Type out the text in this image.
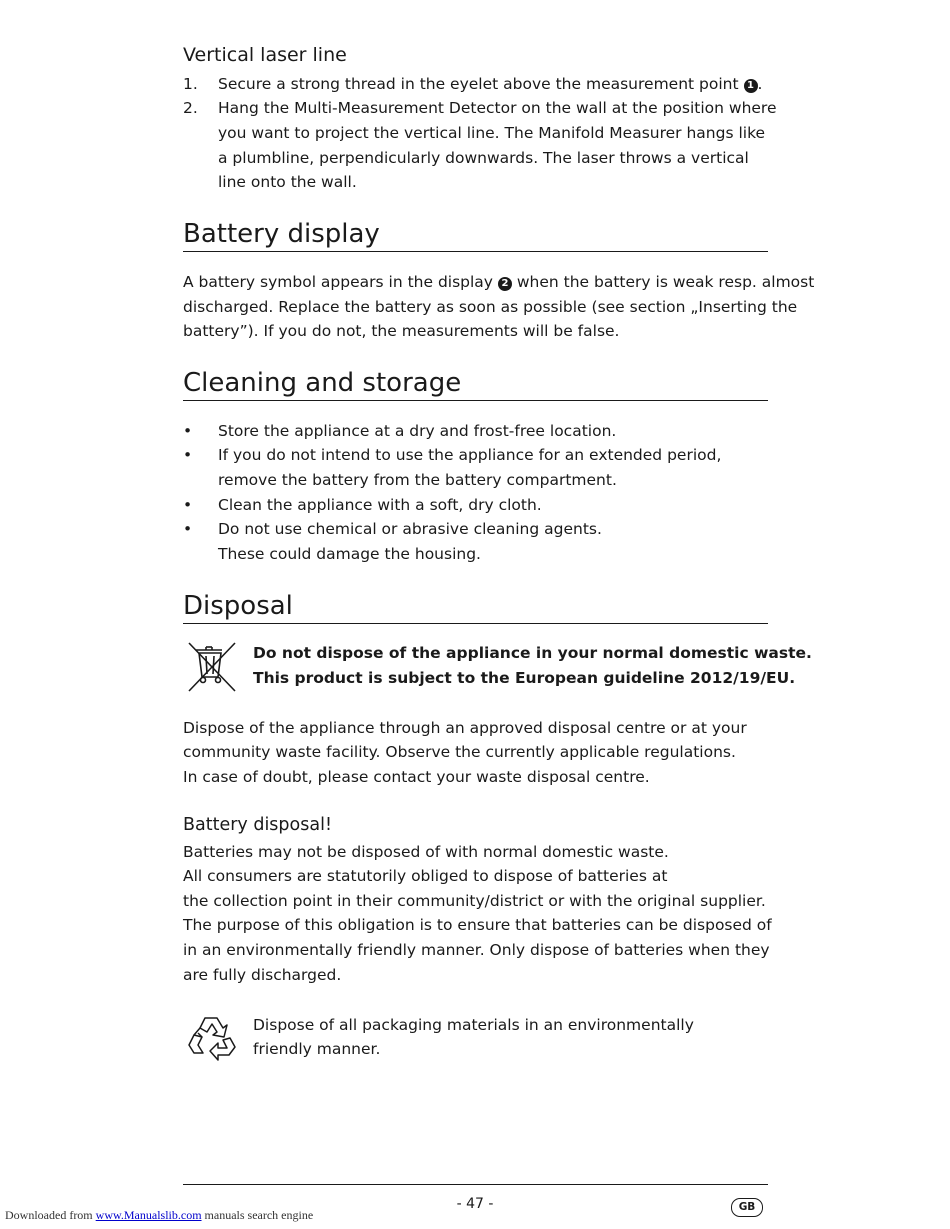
Vertical laser line
1. Secure a strong thread in the eyelet above the measurement point 1 .
2. Hang the Multi-Measurement Detector on the wall at the position where
you want to project the vertical line. The Manifold Measurer hangs like
a plumbline, perpendicularly downwards. The laser throws a vertical
line onto the wall.
Battery display
A battery symbol appears in the display 2 when the battery is weak resp. almost
discharged. Replace the battery as soon as possible (see section „Inserting the
battery”). If you do not, the measurements will be false.
Cleaning and storage
• Store the appliance at a dry and frost-free location.
• If you do not intend to use the appliance for an extended period,
remove the battery from the battery compartment.
• Clean the appliance with a soft, dry cloth.
• Do not use chemical or abrasive cleaning agents.
These could damage the housing.
Disposal
Do not dispose of the appliance in your normal domestic waste.
This product is subject to the European guideline 2012/19/EU.
Dispose of the appliance through an approved disposal centre or at your
community waste facility. Observe the currently applicable regulations.
In case of doubt, please contact your waste disposal centre.
Battery disposal!
Batteries may not be disposed of with normal domestic waste.
All consumers are statutorily obliged to dispose of batteries at
the collection point in their community/district or with the original supplier.
The purpose of this obligation is to ensure that batteries can be disposed of
in an environmentally friendly manner. Only dispose of batteries when they
are fully discharged.
Dispose of all packaging materials in an environmentally
friendly manner.
- 47 -	GB
Downloaded from www.Manualslib.com manuals search engine
